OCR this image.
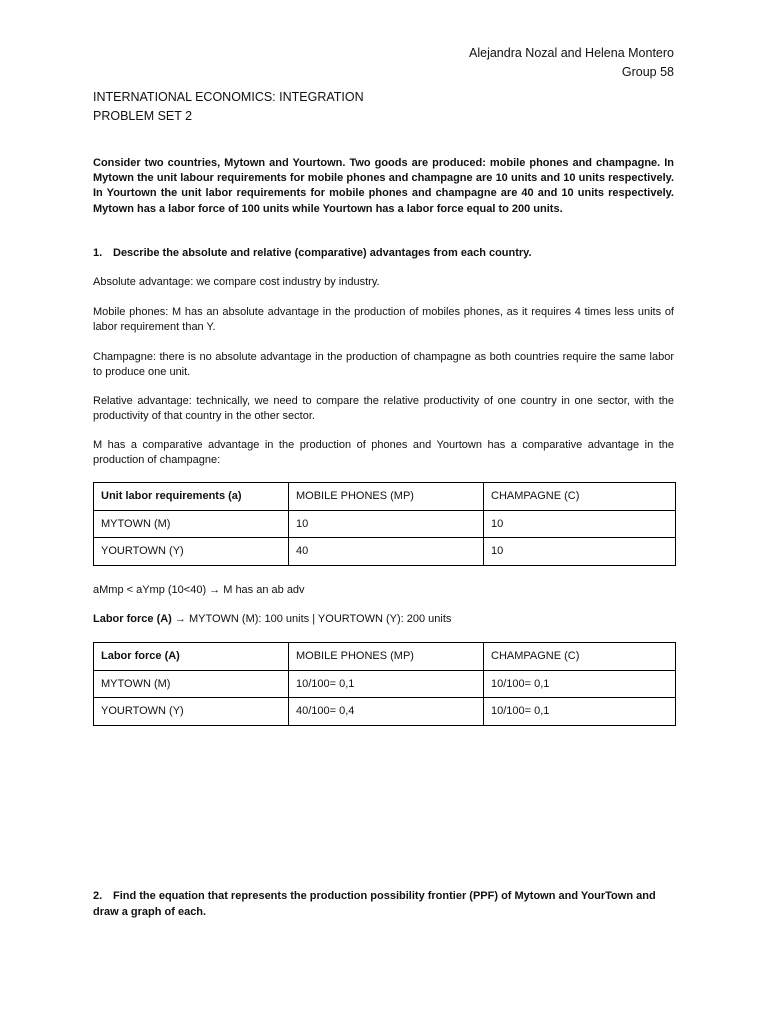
Alejandra Nozal and Helena Montero
Group 58
INTERNATIONAL ECONOMICS: INTEGRATION
PROBLEM SET 2
Consider two countries, Mytown and Yourtown. Two goods are produced: mobile phones and champagne. In Mytown the unit labour requirements for mobile phones and champagne are 10 units and 10 units respectively. In Yourtown the unit labor requirements for mobile phones and champagne are 40 and 10 units respectively. Mytown has a labor force of 100 units while Yourtown has a labor force equal to 200 units.
1. Describe the absolute and relative (comparative) advantages from each country.
Absolute advantage: we compare cost industry by industry.
Mobile phones: M has an absolute advantage in the production of mobiles phones, as it requires 4 times less units of labor requirement than Y.
Champagne: there is no absolute advantage in the production of champagne as both countries require the same labor to produce one unit.
Relative advantage: technically, we need to compare the relative productivity of one country in one sector, with the productivity of that country in the other sector.
M has a comparative advantage in the production of phones and Yourtown has a comparative advantage in the production of champagne:
Unit labor requirements (a)	MOBILE PHONES (MP)	CHAMPAGNE (C)
MYTOWN (M)	10	10
YOURTOWN (Y)	40	10
aMmp < aYmp (10<40) → M has an ab adv
Labor force (A) → MYTOWN (M): 100 units | YOURTOWN (Y): 200 units
Labor force (A)	MOBILE PHONES (MP)	CHAMPAGNE (C)
MYTOWN (M)	10/100= 0,1	10/100= 0,1
YOURTOWN (Y)	40/100= 0,4	10/100= 0,1
2. Find the equation that represents the production possibility frontier (PPF) of Mytown and YourTown and draw a graph of each.
